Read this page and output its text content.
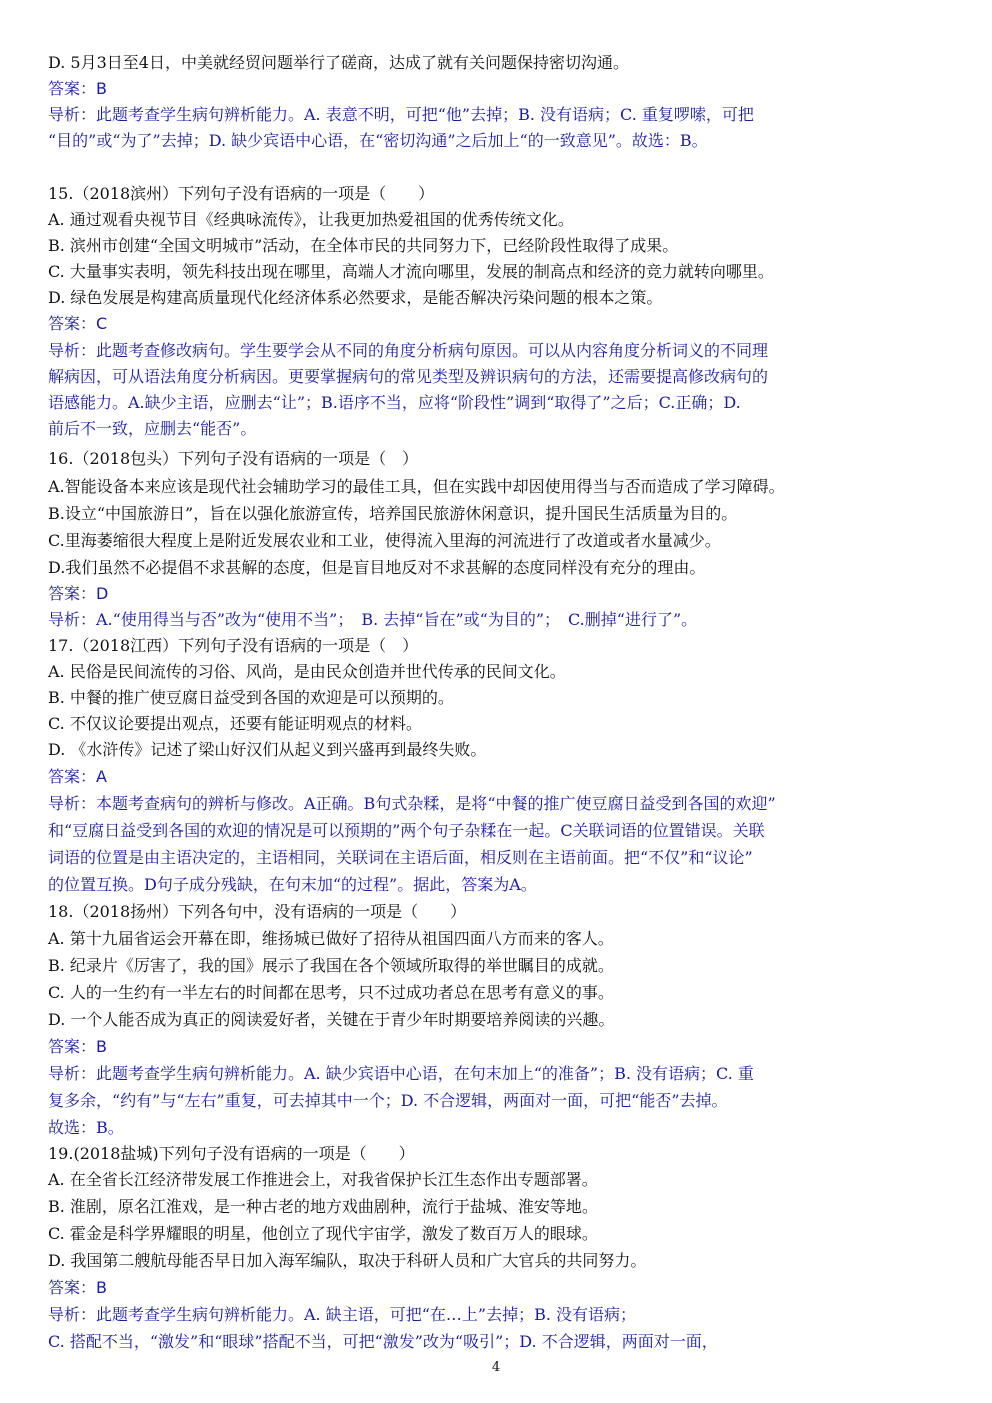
D. 5月3日至4日，中美就经贸问题举行了磋商，达成了就有关问题保持密切沟通。
答案：B
导析：此题考查学生病句辨析能力。A. 表意不明，可把“他”去掉；B. 没有语病；C. 重复啰嗦，可把
“目的”或“为了”去掉；D. 缺少宾语中心语，在“密切沟通”之后加上“的一致意见”。故选：B。
15.（2018滨州）下列句子没有语病的一项是（　　）
A. 通过观看央视节目《经典咏流传》，让我更加热爱祖国的优秀传统文化。
B. 滨州市创建“全国文明城市”活动，在全体市民的共同努力下，已经阶段性取得了成果。
C. 大量事实表明，领先科技出现在哪里，高端人才流向哪里，发展的制高点和经济的竞力就转向哪里。
D. 绿色发展是构建高质量现代化经济体系必然要求，是能否解决污染问题的根本之策。
答案：C
导析：此题考查修改病句。学生要学会从不同的角度分析病句原因。可以从内容角度分析词义的不同理
解病因，可从语法角度分析病因。更要掌握病句的常见类型及辨识病句的方法，还需要提高修改病句的
语感能力。A.缺少主语，应删去“让”；B.语序不当，应将“阶段性”调到“取得了”之后；C.正确；D.
前后不一致，应删去“能否”。
16.（2018包头）下列句子没有语病的一项是（　）
A.智能设备本来应该是现代社会辅助学习的最佳工具，但在实践中却因使用得当与否而造成了学习障碍。
B.设立“中国旅游日”，旨在以强化旅游宣传，培养国民旅游休闲意识，提升国民生活质量为目的。
C.里海萎缩很大程度上是附近发展农业和工业，使得流入里海的河流进行了改道或者水量减少。
D.我们虽然不必提倡不求甚解的态度，但是盲目地反对不求甚解的态度同样没有充分的理由。
答案：D
导析：A.“使用得当与否”改为“使用不当”；　B. 去掉“旨在”或“为目的”；　C.删掉“进行了”。
17.（2018江西）下列句子没有语病的一项是（　）
A. 民俗是民间流传的习俗、风尚，是由民众创造并世代传承的民间文化。
B. 中餐的推广使豆腐日益受到各国的欢迎是可以预期的。
C. 不仅议论要提出观点，还要有能证明观点的材料。
D. 《水浒传》记述了梁山好汉们从起义到兴盛再到最终失败。
答案：A
导析：本题考查病句的辨析与修改。A正确。B句式杂糅，是将“中餐的推广使豆腐日益受到各国的欢迎”
和“豆腐日益受到各国的欢迎的情况是可以预期的”两个句子杂糅在一起。C关联词语的位置错误。关联
词语的位置是由主语决定的，主语相同，关联词在主语后面，相反则在主语前面。把“不仅”和“议论”
的位置互换。D句子成分残缺，在句末加“的过程”。据此，答案为A。
18.（2018扬州）下列各句中，没有语病的一项是（　　）
A. 第十九届省运会开幕在即，维扬城已做好了招待从祖国四面八方而来的客人。
B. 纪录片《厉害了，我的国》展示了我国在各个领域所取得的举世瞩目的成就。
C. 人的一生约有一半左右的时间都在思考，只不过成功者总在思考有意义的事。
D. 一个人能否成为真正的阅读爱好者，关键在于青少年时期要培养阅读的兴趣。
答案：B
导析：此题考查学生病句辨析能力。A. 缺少宾语中心语，在句末加上“的准备”；B. 没有语病；C. 重
复多余，“约有”与“左右”重复，可去掉其中一个；D. 不合逻辑，两面对一面，可把“能否”去掉。
故选：B。
19.(2018盐城)下列句子没有语病的一项是（　　）
A. 在全省长江经济带发展工作推进会上，对我省保护长江生态作出专题部署。
B. 淮剧，原名江淮戏，是一种古老的地方戏曲剧种，流行于盐城、淮安等地。
C. 霍金是科学界耀眼的明星，他创立了现代宇宙学，激发了数百万人的眼球。
D. 我国第二艘航母能否早日加入海军编队，取决于科研人员和广大官兵的共同努力。
答案：B
导析：此题考查学生病句辨析能力。A. 缺主语，可把“在…上”去掉；B. 没有语病；
C. 搭配不当，“激发”和“眼球”搭配不当，可把“激发”改为“吸引”；D. 不合逻辑，两面对一面，
4
